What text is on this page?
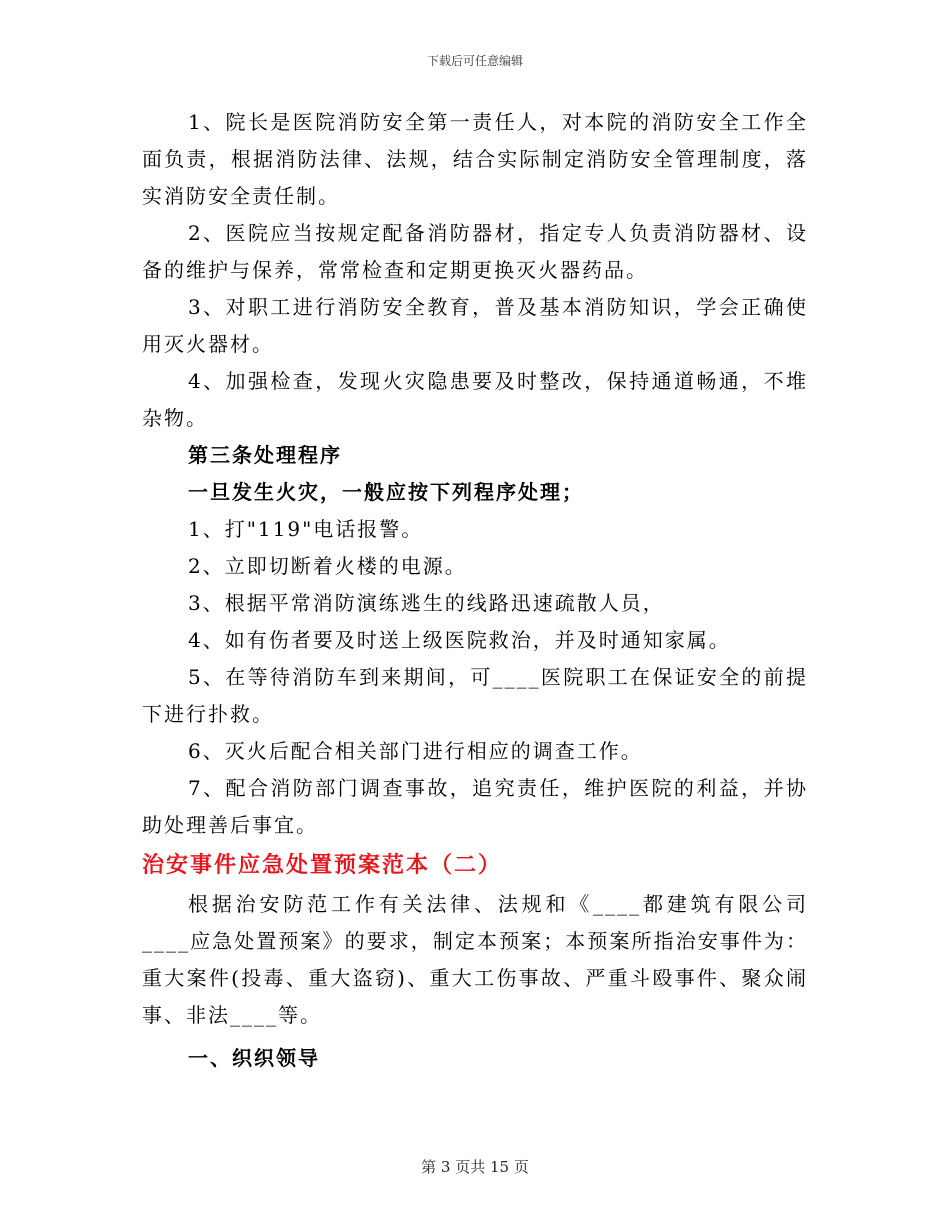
下载后可任意编辑

1、院长是医院消防安全第一责任人，对本院的消防安全工作全面负责，根据消防法律、法规，结合实际制定消防安全管理制度，落实消防安全责任制。

2、医院应当按规定配备消防器材，指定专人负责消防器材、设备的维护与保养，常常检查和定期更换灭火器药品。

3、对职工进行消防安全教育，普及基本消防知识，学会正确使用灭火器材。

4、加强检查，发现火灾隐患要及时整改，保持通道畅通，不堆杂物。

第三条处理程序

一旦发生火灾，一般应按下列程序处理；

1、打"119"电话报警。

2、立即切断着火楼的电源。

3、根据平常消防演练逃生的线路迅速疏散人员，

4、如有伤者要及时送上级医院救治，并及时通知家属。

5、在等待消防车到来期间，可____医院职工在保证安全的前提下进行扑救。

6、灭火后配合相关部门进行相应的调查工作。

7、配合消防部门调查事故，追究责任，维护医院的利益，并协助处理善后事宜。

治安事件应急处置预案范本（二）

根据治安防范工作有关法律、法规和《____都建筑有限公司____应急处置预案》的要求，制定本预案；本预案所指治安事件为：重大案件(投毒、重大盗窃)、重大工伤事故、严重斗殴事件、聚众闹事、非法____等。

一、织织领导

第 3 页共 15 页
